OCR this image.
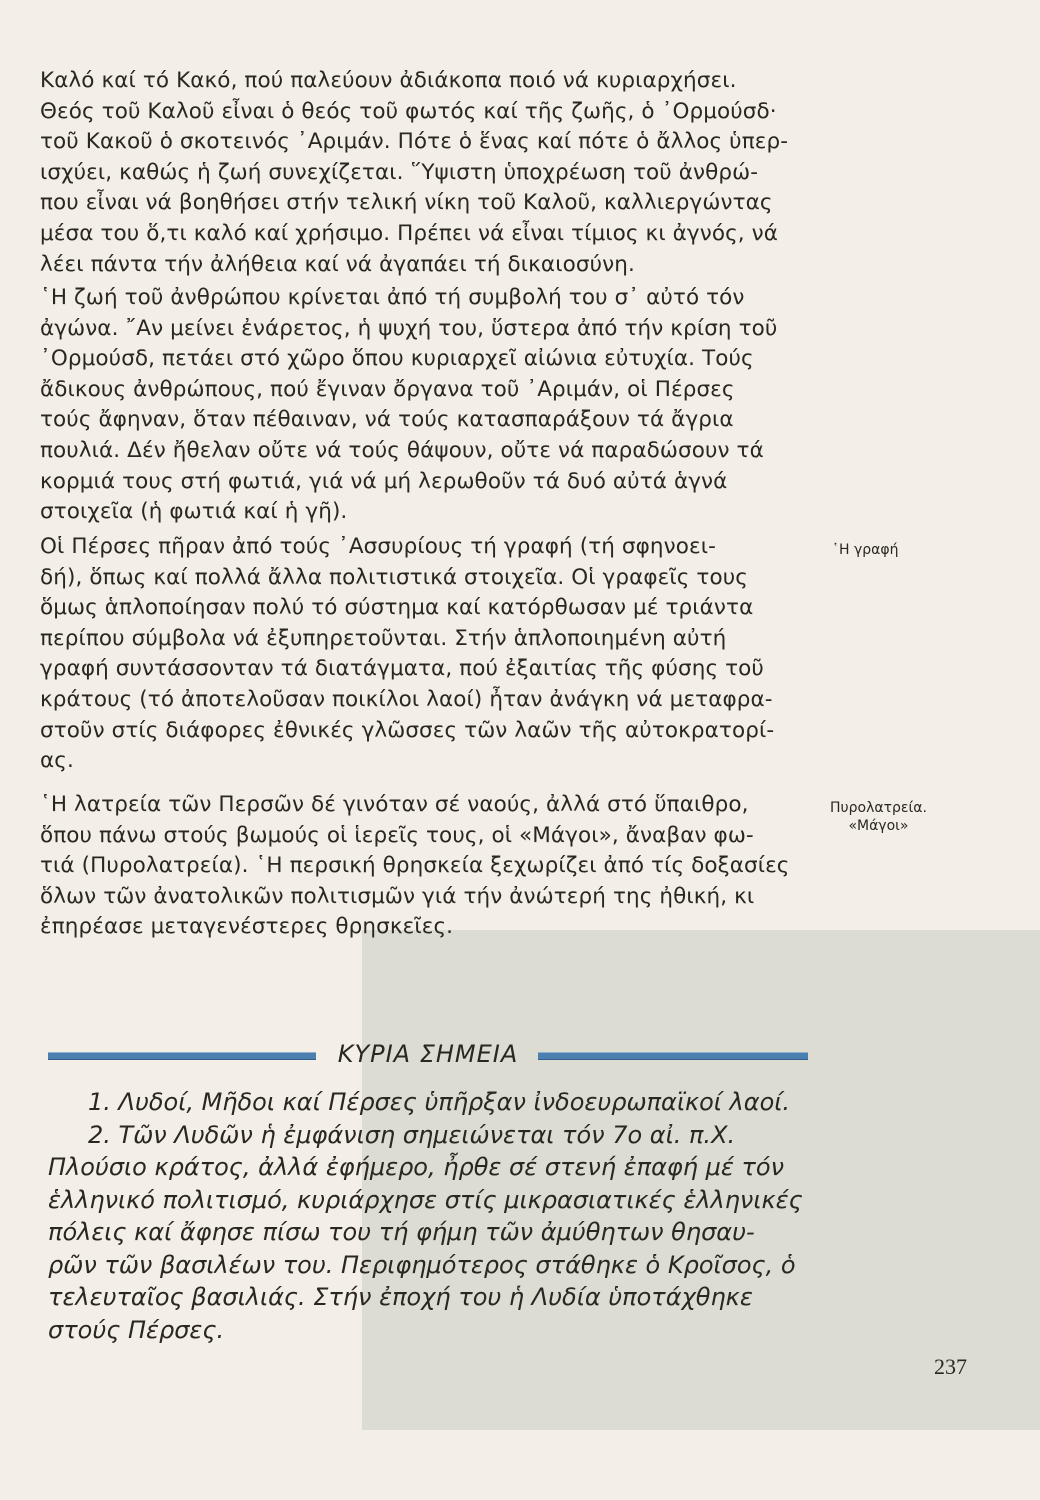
Καλό καί τό Κακό, πού παλεύουν ἀδιάκοπα ποιό νά κυριαρχήσει.
Θεός τοῦ Καλοῦ εἶναι ὁ θεός τοῦ φωτός καί τῆς ζωῆς, ὁ ᾿Ορμούσδ·
τοῦ Κακοῦ ὁ σκοτεινός ᾿Αριμάν. Πότε ὁ ἕνας καί πότε ὁ ἄλλος ὑπερ-
ισχύει, καθώς ἡ ζωή συνεχίζεται. ῞Υψιστη ὑποχρέωση τοῦ ἀνθρώ-
που εἶναι νά βοηθήσει στήν τελική νίκη τοῦ Καλοῦ, καλλιεργώντας
μέσα του ὅ,τι καλό καί χρήσιμο. Πρέπει νά εἶναι τίμιος κι ἀγνός, νά
λέει πάντα τήν ἀλήθεια καί νά ἀγαπάει τή δικαιοσύνη.
῾Η ζωή τοῦ ἀνθρώπου κρίνεται ἀπό τή συμβολή του σ᾿ αὐτό τόν
ἀγώνα. ῎Αν μείνει ἐνάρετος, ἡ ψυχή του, ὕστερα ἀπό τήν κρίση τοῦ
᾿Ορμούσδ, πετάει στό χῶρο ὅπου κυριαρχεῖ αἰώνια εὐτυχία. Τούς
ἄδικους ἀνθρώπους, πού ἔγιναν ὄργανα τοῦ ᾿Αριμάν, οἱ Πέρσες
τούς ἄφηναν, ὅταν πέθαιναν, νά τούς κατασπαράξουν τά ἄγρια
πουλιά. Δέν ἤθελαν οὔτε νά τούς θάψουν, οὔτε νά παραδώσουν τά
κορμιά τους στή φωτιά, γιά νά μή λερωθοῦν τά δυό αὐτά ἁγνά
στοιχεῖα (ἡ φωτιά καί ἡ γῆ).
Οἱ Πέρσες πῆραν ἀπό τούς ᾿Ασσυρίους τή γραφή (τή σφηνοει-
δή), ὅπως καί πολλά ἄλλα πολιτιστικά στοιχεῖα. Οἱ γραφεῖς τους
ὅμως ἁπλοποίησαν πολύ τό σύστημα καί κατόρθωσαν μέ τριάντα
περίπου σύμβολα νά ἐξυπηρετοῦνται. Στήν ἁπλοποιημένη αὐτή
γραφή συντάσσονταν τά διατάγματα, πού ἐξαιτίας τῆς φύσης τοῦ
κράτους (τό ἀποτελοῦσαν ποικίλοι λαοί) ἦταν ἀνάγκη νά μεταφρα-
στοῦν στίς διάφορες ἐθνικές γλῶσσες τῶν λαῶν τῆς αὐτοκρατορί-
ας.
῾Η λατρεία τῶν Περσῶν δέ γινόταν σέ ναούς, ἀλλά στό ὕπαιθρο,
ὅπου πάνω στούς βωμούς οἱ ἱερεῖς τους, οἱ «Μάγοι», ἄναβαν φω-
τιά (Πυρολατρεία). ῾Η περσική θρησκεία ξεχωρίζει ἀπό τίς δοξασίες
ὅλων τῶν ἀνατολικῶν πολιτισμῶν γιά τήν ἀνώτερή της ἠθική, κι
ἐπηρέασε μεταγενέστερες θρησκεῖες.
῾Η γραφή
Πυρολατρεία.
«Μάγοι»
ΚΥΡΙΑ ΣΗΜΕΙΑ
1. Λυδοί, Μῆδοι καί Πέρσες ὑπῆρξαν ἰνδοευρωπαϊκοί λαοί.
2. Τῶν Λυδῶν ἡ ἐμφάνιση σημειώνεται τόν 7ο αἰ. π.Χ.
Πλούσιο κράτος, ἀλλά ἐφήμερο, ἦρθε σέ στενή ἐπαφή μέ τόν
ἑλληνικό πολιτισμό, κυριάρχησε στίς μικρασιατικές ἑλληνικές
πόλεις καί ἄφησε πίσω του τή φήμη τῶν ἀμύθητων θησαυ-
ρῶν τῶν βασιλέων του. Περιφημότερος στάθηκε ὁ Κροῖσος, ὁ
τελευταῖος βασιλιάς. Στήν ἐποχή του ἡ Λυδία ὑποτάχθηκε
στούς Πέρσες.
237
